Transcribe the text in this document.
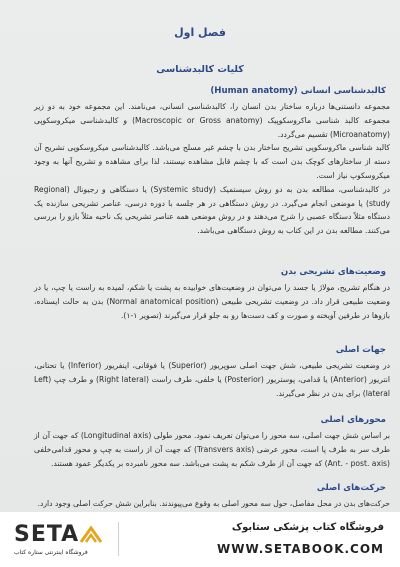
فصل اول
کلیات کالبدشناسی
کالبدشناسی انسانی (Human anatomy)

مجموعه دانستنی‌ها درباره ساختار بدن انسان را، کالبدشناسی انسانی، می‌نامند. این مجموعه خود به دو زیر مجموعه کالبد شناسی ماکروسکوپیک (Macroscopic or Gross anatomy) و کالبدشناسی میکروسکوپی (Microanatomy) تقسیم می‌گردد.

کالبد شناسی ماکروسکوپی تشریح ساختار بدن با چشم غیر مسلح می‌باشد. کالبدشناسی میکروسکوپی تشریح آن دسته از ساختارهای کوچک بدن است که با چشم قابل مشاهده نیستند، لذا برای مشاهده و تشریح آنها به وجود میکروسکوپ نیاز است.

در کالبدشناسی، مطالعه بدن به دو روش سیستمیک (Systemic study) یا دستگاهی و رجیونال (Regional study) یا موضعی انجام می‌گیرد. در روش دستگاهی در هر جلسه با دوره درسی، عناصر تشریحی سازنده یک دستگاه مثلاً دستگاه عصبی را شرح می‌دهند و در روش موضعی همه عناصر تشریحی یک ناحیه مثلاً بازو را بررسی می‌کنند. مطالعه بدن در این کتاب به روش دستگاهی می‌باشد.

وضعیت‌های تشریحی بدن

در هنگام تشریح، مولاژ یا جسد را می‌توان در وضعیت‌های خوابیده به پشت یا شکم، لمیده به راست یا چپ، یا در وضعیت طبیعی قرار داد. در وضعیت تشریحی طبیعی (Normal anatomical position) بدن به حالت ایستاده، بازوها در طرفین آویخته و صورت و کف دست‌ها رو به جلو قرار می‌گیرند (تصویر ۱-۱).

جهات اصلی

در وضعیت تشریحی طبیعی، شش جهت اصلی سوپریور (Superior) یا فوقانی، اینفریور (Inferior) یا تحتانی، انتریور (Anterior) یا قدامی، پوستریور (Posterior) یا خلفی، طرف راست (Right lateral) و طرف چپ (Left lateral) برای بدن در نظر می‌گیرند.

محورهای اصلی

بر اساس شش جهت اصلی، سه محور را می‌توان تعریف نمود. محور طولی (Longitudinal axis) که جهت آن از طرف سر به طرف پا است، محور عرضی (Transvers axis) که جهت آن از راست به چپ و محور قدامی‌خلفی (Ant. - post. axis) که جهت آن از طرف شکم به پشت می‌باشد. سه محور نامبرده بر یکدیگر عمود هستند.

حرکت‌های اصلی

حرکت‌های بدن در محل مفاصل، حول سه محور اصلی به وقوع می‌پیوندند. بنابراین شش حرکت اصلی وجود دارد.

SETA
فروشگاه اینترنتی ستاره کتاب
فروشگاه کتاب پزشکی ستابوک
WWW.SETABOOK.COM
